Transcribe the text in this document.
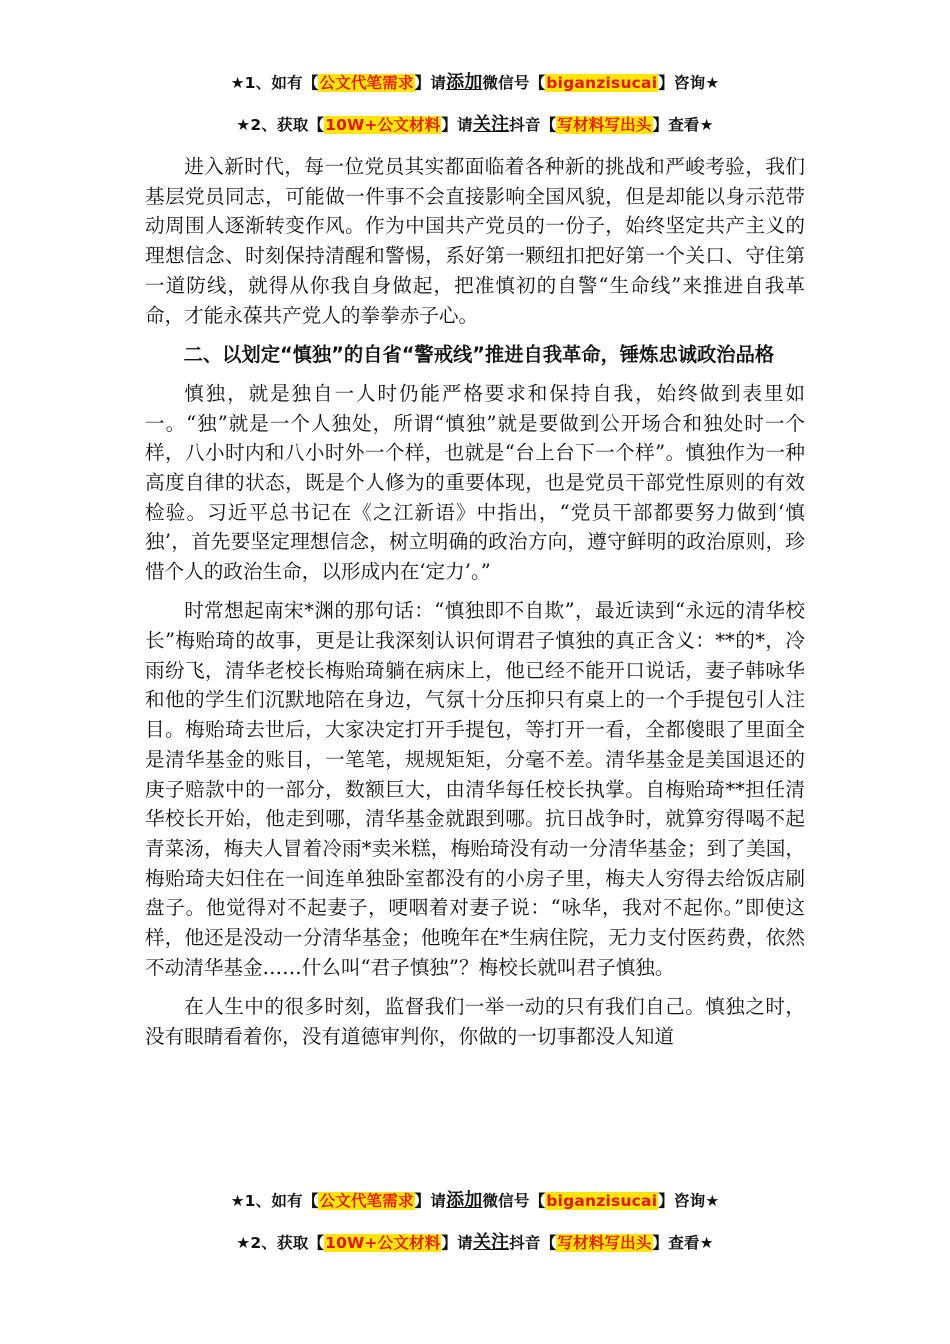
★1、如有【公文代笔需求】请添加微信号【biganzisucai】咨询★
★2、获取【10W+公文材料】请关注抖音【写材料写出头】查看★

进入新时代，每一位党员其实都面临着各种新的挑战和严峻考验，我们基层党员同志，可能做一件事不会直接影响全国风貌，但是却能以身示范带动周围人逐渐转变作风。作为中国共产党员的一份子，始终坚定共产主义的理想信念、时刻保持清醒和警惕，系好第一颗纽扣把好第一个关口、守住第一道防线，就得从你我自身做起，把准慎初的自警“生命线”来推进自我革命，才能永葆共产党人的拳拳赤子心。

二、以划定“慎独”的自省“警戒线”推进自我革命，锤炼忠诚政治品格

慎独，就是独自一人时仍能严格要求和保持自我，始终做到表里如一。“独”就是一个人独处，所谓“慎独”就是要做到公开场合和独处时一个样，八小时内和八小时外一个样，也就是“台上台下一个样”。慎独作为一种高度自律的状态，既是个人修为的重要体现，也是党员干部党性原则的有效检验。习近平总书记在《之江新语》中指出，“党员干部都要努力做到‘慎独’，首先要坚定理想信念，树立明确的政治方向，遵守鲜明的政治原则，珍惜个人的政治生命，以形成内在‘定力’。”

时常想起南宋*渊的那句话：“慎独即不自欺”，最近读到“永远的清华校长”梅贻琦的故事，更是让我深刻认识何谓君子慎独的真正含义：**的*，冷雨纷飞，清华老校长梅贻琦躺在病床上，他已经不能开口说话，妻子韩咏华和他的学生们沉默地陪在身边，气氛十分压抑只有桌上的一个手提包引人注目。梅贻琦去世后，大家决定打开手提包，等打开一看，全都傻眼了里面全是清华基金的账目，一笔笔，规规矩矩，分毫不差。清华基金是美国退还的庚子赔款中的一部分，数额巨大，由清华每任校长执掌。自梅贻琦**担任清华校长开始，他走到哪，清华基金就跟到哪。抗日战争时，就算穷得喝不起青菜汤，梅夫人冒着冷雨*卖米糕，梅贻琦没有动一分清华基金；到了美国，梅贻琦夫妇住在一间连单独卧室都没有的小房子里，梅夫人穷得去给饭店刷盘子。他觉得对不起妻子，哽咽着对妻子说：“咏华，我对不起你。”即使这样，他还是没动一分清华基金；他晚年在*生病住院，无力支付医药费，依然不动清华基金……什么叫“君子慎独”？梅校长就叫君子慎独。

在人生中的很多时刻，监督我们一举一动的只有我们自己。慎独之时，没有眼睛看着你，没有道德审判你，你做的一切事都没人知道

★1、如有【公文代笔需求】请添加微信号【biganzisucai】咨询★
★2、获取【10W+公文材料】请关注抖音【写材料写出头】查看★
